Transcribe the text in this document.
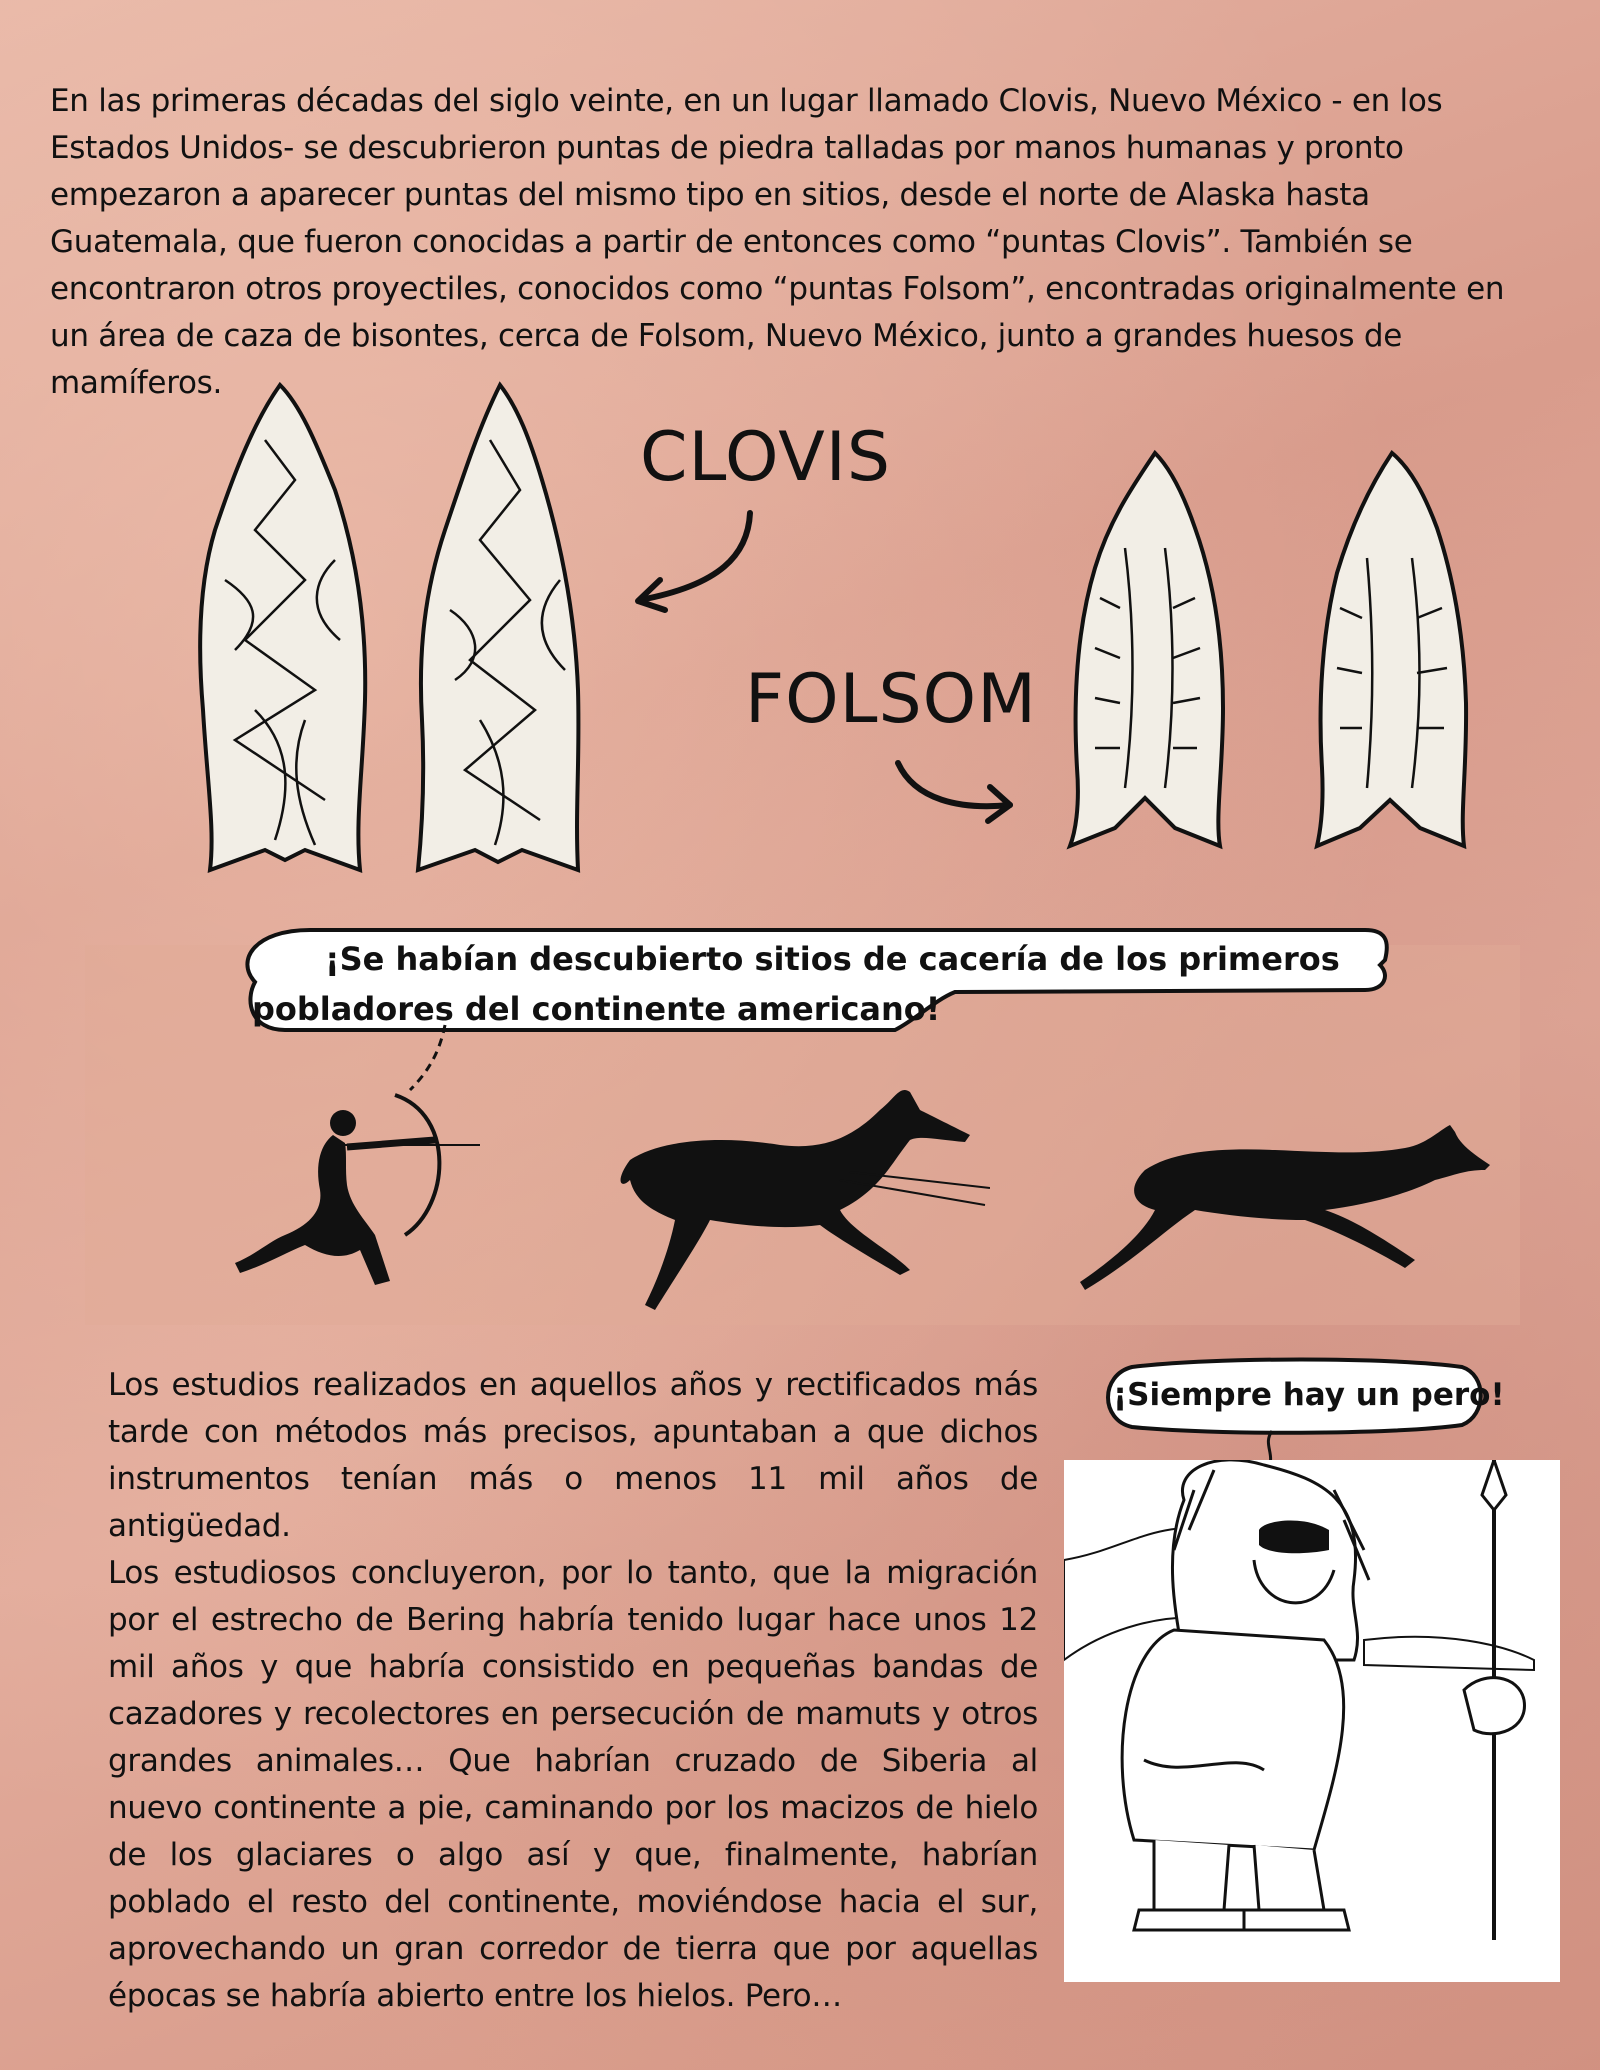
En las primeras décadas del siglo veinte, en un lugar llamado Clovis, Nuevo México - en los Estados Unidos- se descubrieron puntas de piedra talladas por manos humanas y pronto empezaron a aparecer puntas del mismo tipo en sitios, desde el norte de Alaska hasta Guatemala, que fueron conocidas a partir de entonces como “puntas Clovis”. También se encontraron otros proyectiles, conocidos como “puntas Folsom”, encontradas originalmente en un área de caza de bisontes, cerca de Folsom, Nuevo México, junto a grandes huesos de mamíferos.

CLOVIS
FOLSOM
¡Se habían descubierto sitios de cacería de los primeros
pobladores del continente americano!

Los estudios realizados en aquellos años y rectificados más tarde con métodos más precisos, apuntaban a que dichos instrumentos tenían más o menos 11 mil años de antigüedad.

Los estudiosos concluyeron, por lo tanto, que la migración por el estrecho de Bering habría tenido lugar hace unos 12 mil años y que habría consistido en pequeñas bandas de cazadores y recolectores en persecución de mamuts y otros grandes animales… Que habrían cruzado de Siberia al nuevo continente a pie, caminando por los macizos de hielo de los glaciares o algo así y que, finalmente, habrían poblado el resto del continente, moviéndose hacia el sur, aprovechando un gran corredor de tierra que por aquellas épocas se habría abierto entre los hielos. Pero…

¡Siempre hay un pero!
